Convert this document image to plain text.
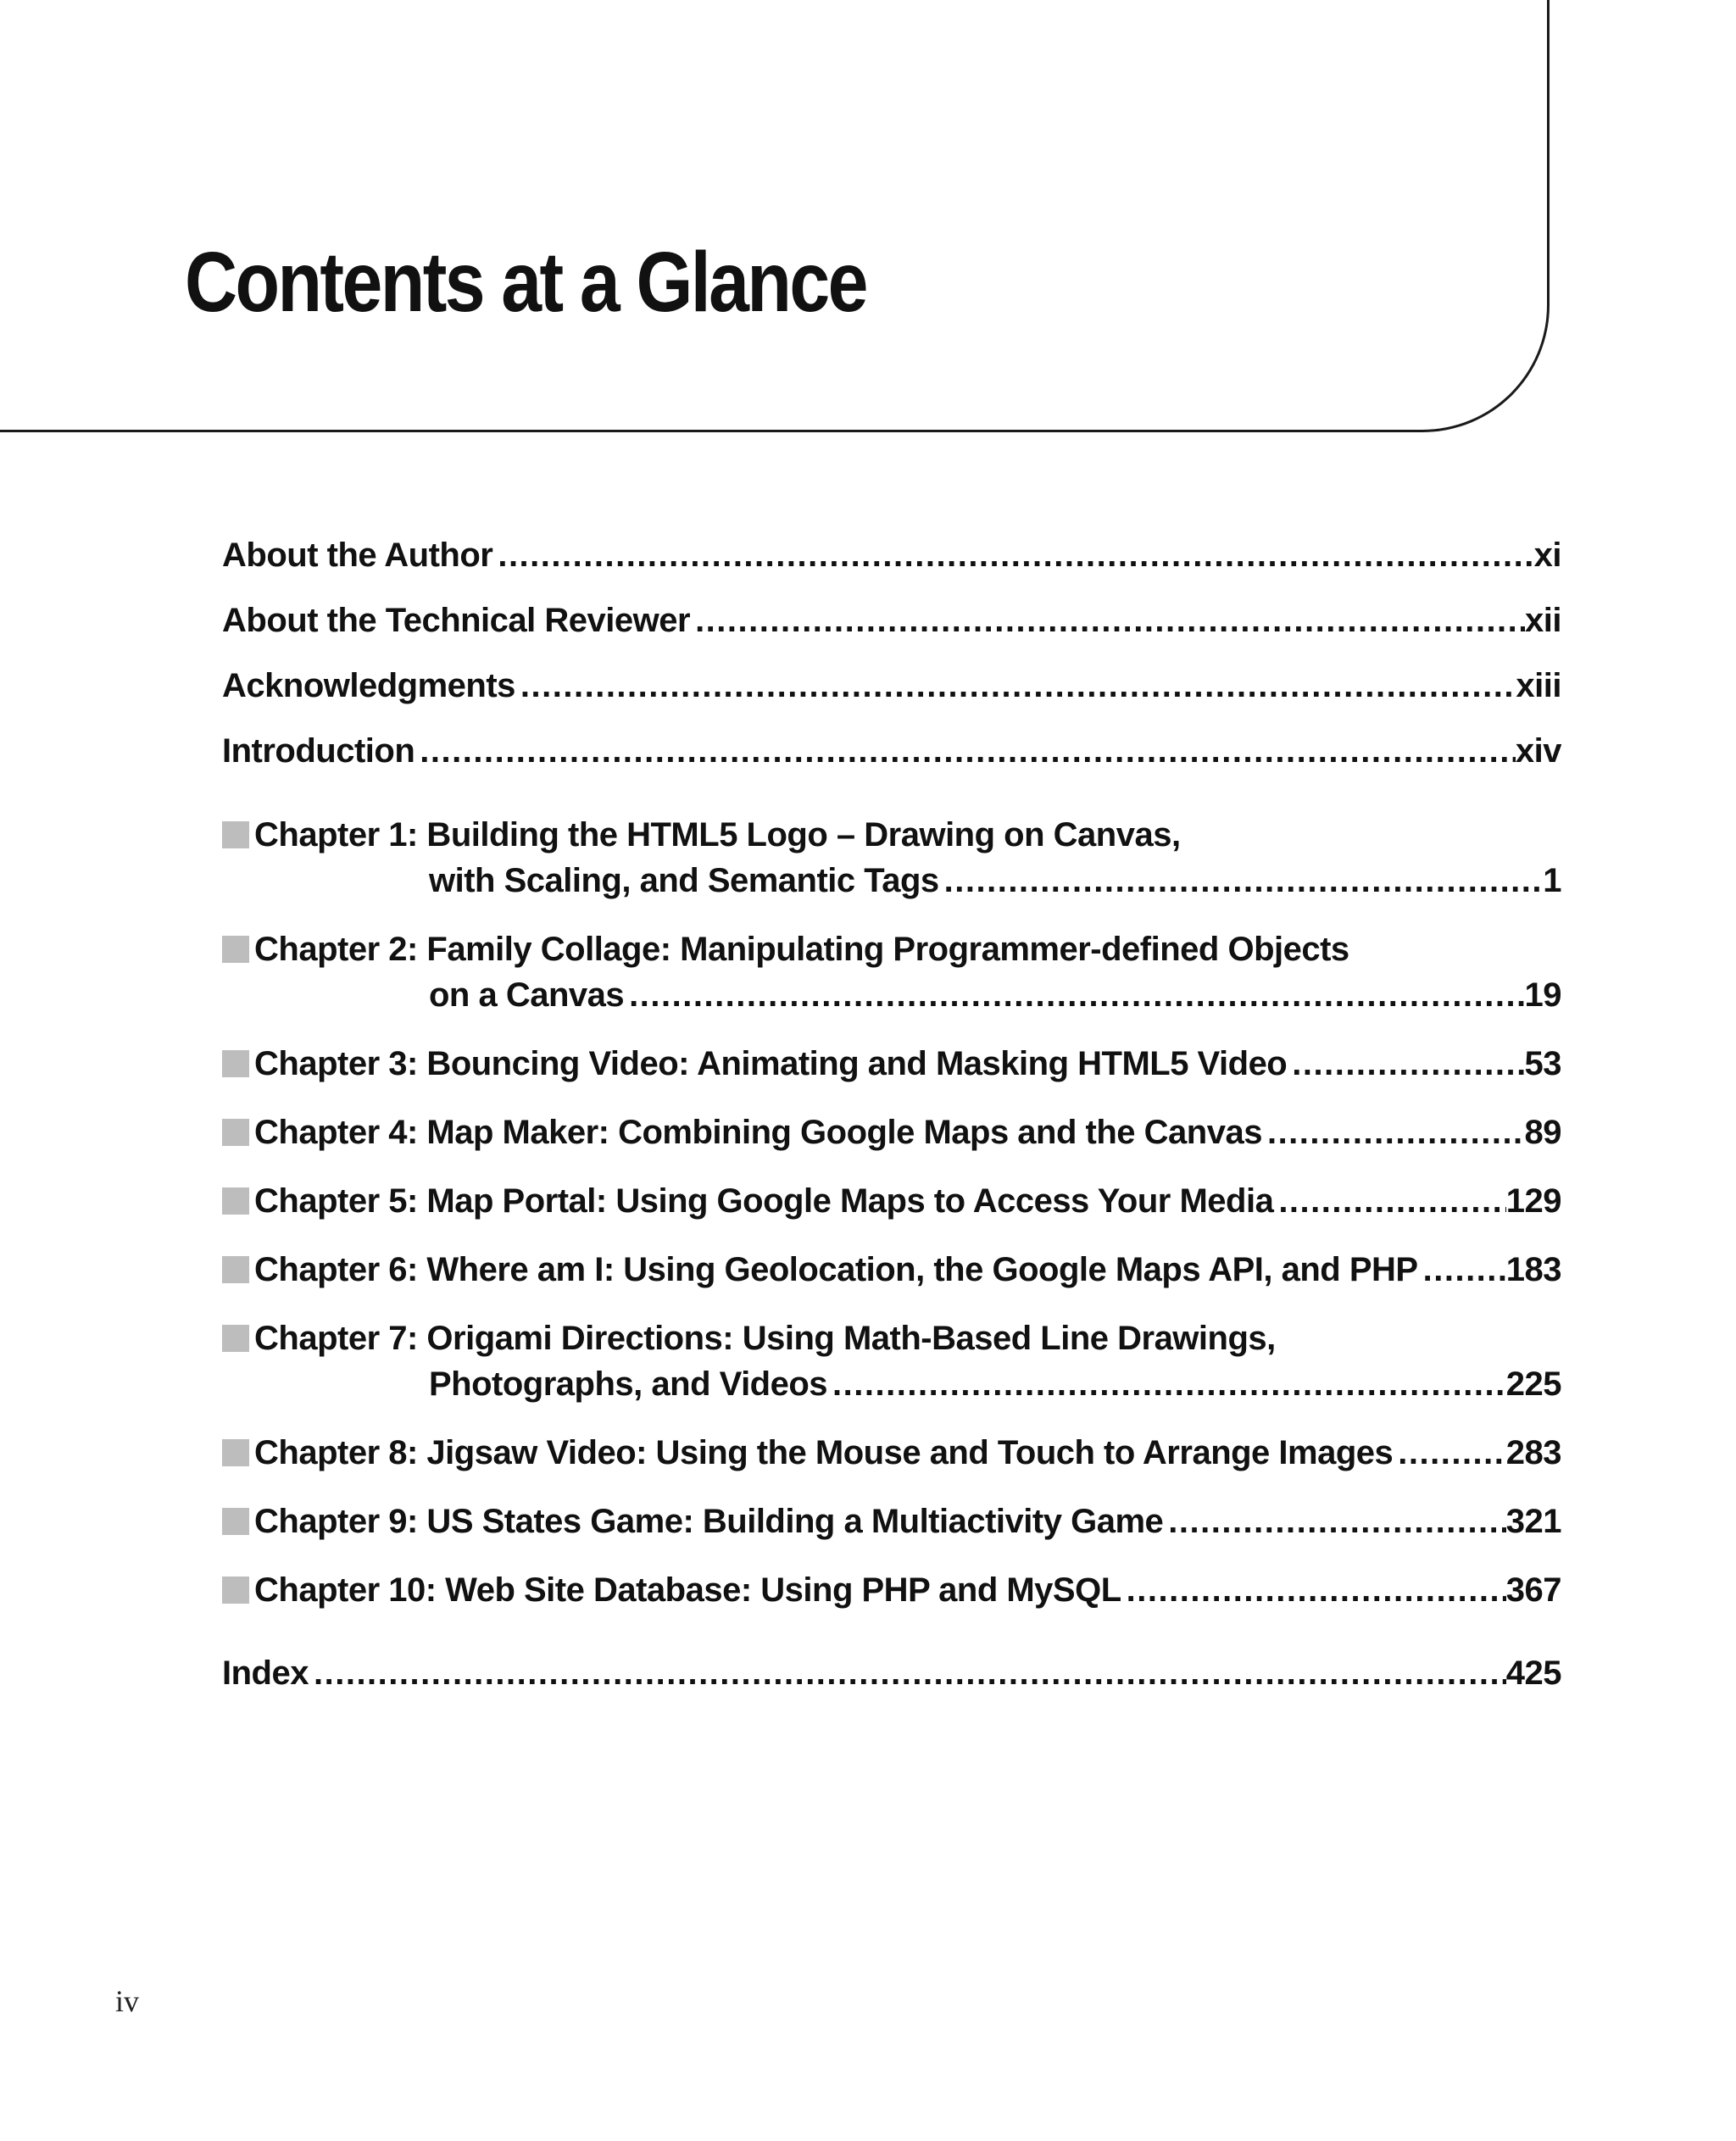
Contents at a Glance
About the Author .....	xi
About the Technical Reviewer .....	xii
Acknowledgments .....	xiii
Introduction .....	xiv
Chapter 1: Building the HTML5 Logo – Drawing on Canvas,
with Scaling, and Semantic Tags .....	1
Chapter 2: Family Collage: Manipulating Programmer-defined Objects
on a Canvas .....	19
Chapter 3: Bouncing Video: Animating and Masking HTML5 Video .....	53
Chapter 4: Map Maker: Combining Google Maps and the Canvas .....	89
Chapter 5: Map Portal: Using Google Maps to Access Your Media .....	129
Chapter 6: Where am I: Using Geolocation, the Google Maps API, and PHP .....	183
Chapter 7: Origami Directions: Using Math-Based Line Drawings,
Photographs, and Videos .....	225
Chapter 8: Jigsaw Video: Using the Mouse and Touch to Arrange Images .....	283
Chapter 9: US States Game: Building a Multiactivity Game .....	321
Chapter 10: Web Site Database: Using PHP and MySQL .....	367
Index .....	425
iv
